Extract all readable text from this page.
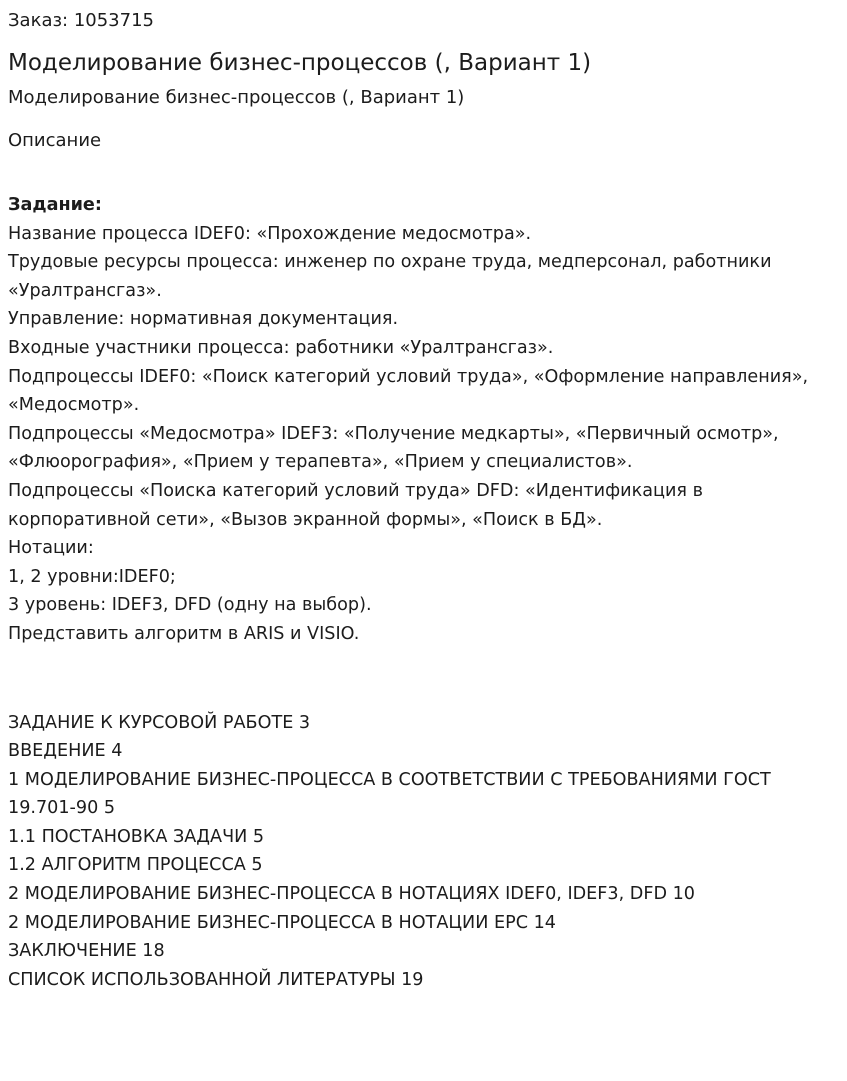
Заказ: 1053715
Моделирование бизнес-процессов (, Вариант 1)
Моделирование бизнес-процессов (, Вариант 1)
Описание
Задание:
Название процесса IDEF0: «Прохождение медосмотра».
Трудовые ресурсы процесса: инженер по охране труда, медперсонал, работники «Уралтрансгаз».
Управление: нормативная документация.
Входные участники процесса: работники «Уралтрансгаз».
Подпроцессы IDEF0: «Поиск категорий условий труда», «Оформление направления», «Медосмотр».
Подпроцессы «Медосмотра» IDEF3: «Получение медкарты», «Первичный осмотр», «Флюорография», «Прием у терапевта», «Прием у специалистов».
Подпроцессы «Поиска категорий условий труда» DFD: «Идентификация в корпоративной сети», «Вызов экранной формы», «Поиск в БД».
Нотации:
1, 2 уровни:IDEF0;
3 уровень: IDEF3, DFD (одну на выбор).
Представить алгоритм в ARIS и VISIO.
ЗАДАНИЕ К КУРСОВОЙ РАБОТЕ 3
ВВЕДЕНИЕ 4
1 МОДЕЛИРОВАНИЕ БИЗНЕС-ПРОЦЕССА В СООТВЕТСТВИИ С ТРЕБОВАНИЯМИ ГОСТ 19.701-90 5
1.1 ПОСТАНОВКА ЗАДАЧИ 5
1.2 АЛГОРИТМ ПРОЦЕССА 5
2 МОДЕЛИРОВАНИЕ БИЗНЕС-ПРОЦЕССА В НОТАЦИЯХ IDEF0, IDEF3, DFD 10
2 МОДЕЛИРОВАНИЕ БИЗНЕС-ПРОЦЕССА В НОТАЦИИ EPC 14
ЗАКЛЮЧЕНИЕ 18
СПИСОК ИСПОЛЬЗОВАННОЙ ЛИТЕРАТУРЫ 19
